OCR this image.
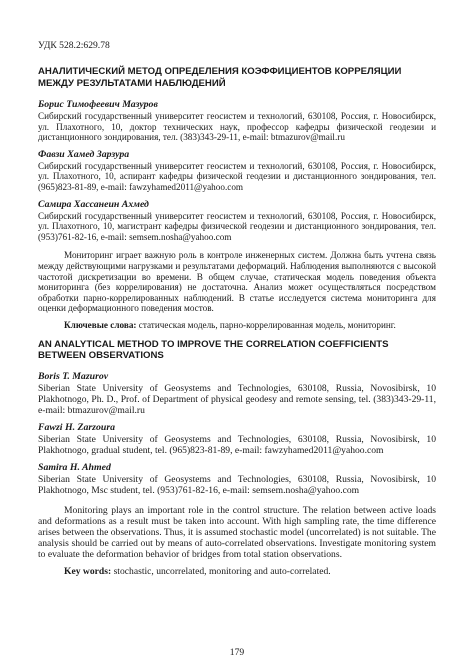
УДК 528.2:629.78
АНАЛИТИЧЕСКИЙ МЕТОД ОПРЕДЕЛЕНИЯ КОЭФФИЦИЕНТОВ КОРРЕЛЯЦИИ МЕЖДУ РЕЗУЛЬТАТАМИ НАБЛЮДЕНИЙ
Борис Тимофеевич Мазуров
Сибирский государственный университет геосистем и технологий, 630108, Россия, г. Новосибирск, ул. Плахотного, 10, доктор технических наук, профессор кафедры физической геодезии и дистанционного зондирования, тел. (383)343-29-11, e-mail: btmazurov@mail.ru
Фавзи Хамед Зарзура
Сибирский государственный университет геосистем и технологий, 630108, Россия, г. Новосибирск, ул. Плахотного, 10, аспирант кафедры физической геодезии и дистанционного зондирования, тел. (965)823-81-89, e-mail: fawzyhamed2011@yahoo.com
Самира Хассанеин Ахмед
Сибирский государственный университет геосистем и технологий, 630108, Россия, г. Новосибирск, ул. Плахотного, 10, магистрант кафедры физической геодезии и дистанционного зондирования, тел. (953)761-82-16, e-mail: semsem.nosha@yahoo.com
Мониторинг играет важную роль в контроле инженерных систем. Должна быть учтена связь между действующими нагрузками и результатами деформаций. Наблюдения выполняются с высокой частотой дискретизации во времени. В общем случае, статическая модель поведения объекта мониторинга (без коррелирования) не достаточна. Анализ может осуществляться посредством обработки парно-коррелированных наблюдений. В статье исследуется система мониторинга для оценки деформационного поведения мостов.
Ключевые слова: статическая модель, парно-коррелированная модель, мониторинг.
AN ANALYTICAL METHOD TO IMPROVE THE CORRELATION COEFFICIENTS BETWEEN OBSERVATIONS
Boris T. Mazurov
Siberian State University of Geosystems and Technologies, 630108, Russia, Novosibirsk, 10 Plakhotnogo, Ph. D., Prof. of Department of physical geodesy and remote sensing, tel. (383)343-29-11, e-mail: btmazurov@mail.ru
Fawzi H. Zarzoura
Siberian State University of Geosystems and Technologies, 630108, Russia, Novosibirsk, 10 Plakhotnogo, gradual student, tel. (965)823-81-89, e-mail: fawzyhamed2011@yahoo.com
Samira H. Ahmed
Siberian State University of Geosystems and Technologies, 630108, Russia, Novosibirsk, 10 Plakhotnogo, Msc student, tel. (953)761-82-16, e-mail: semsem.nosha@yahoo.com
Monitoring plays an important role in the control structure. The relation between active loads and deformations as a result must be taken into account. With high sampling rate, the time difference arises between the observations. Thus, it is assumed stochastic model (uncorrelated) is not suitable. The analysis should be carried out by means of auto-correlated observations. Investigate monitoring system to evaluate the deformation behavior of bridges from total station observations.
Key words: stochastic, uncorrelated, monitoring and auto-correlated.
179
